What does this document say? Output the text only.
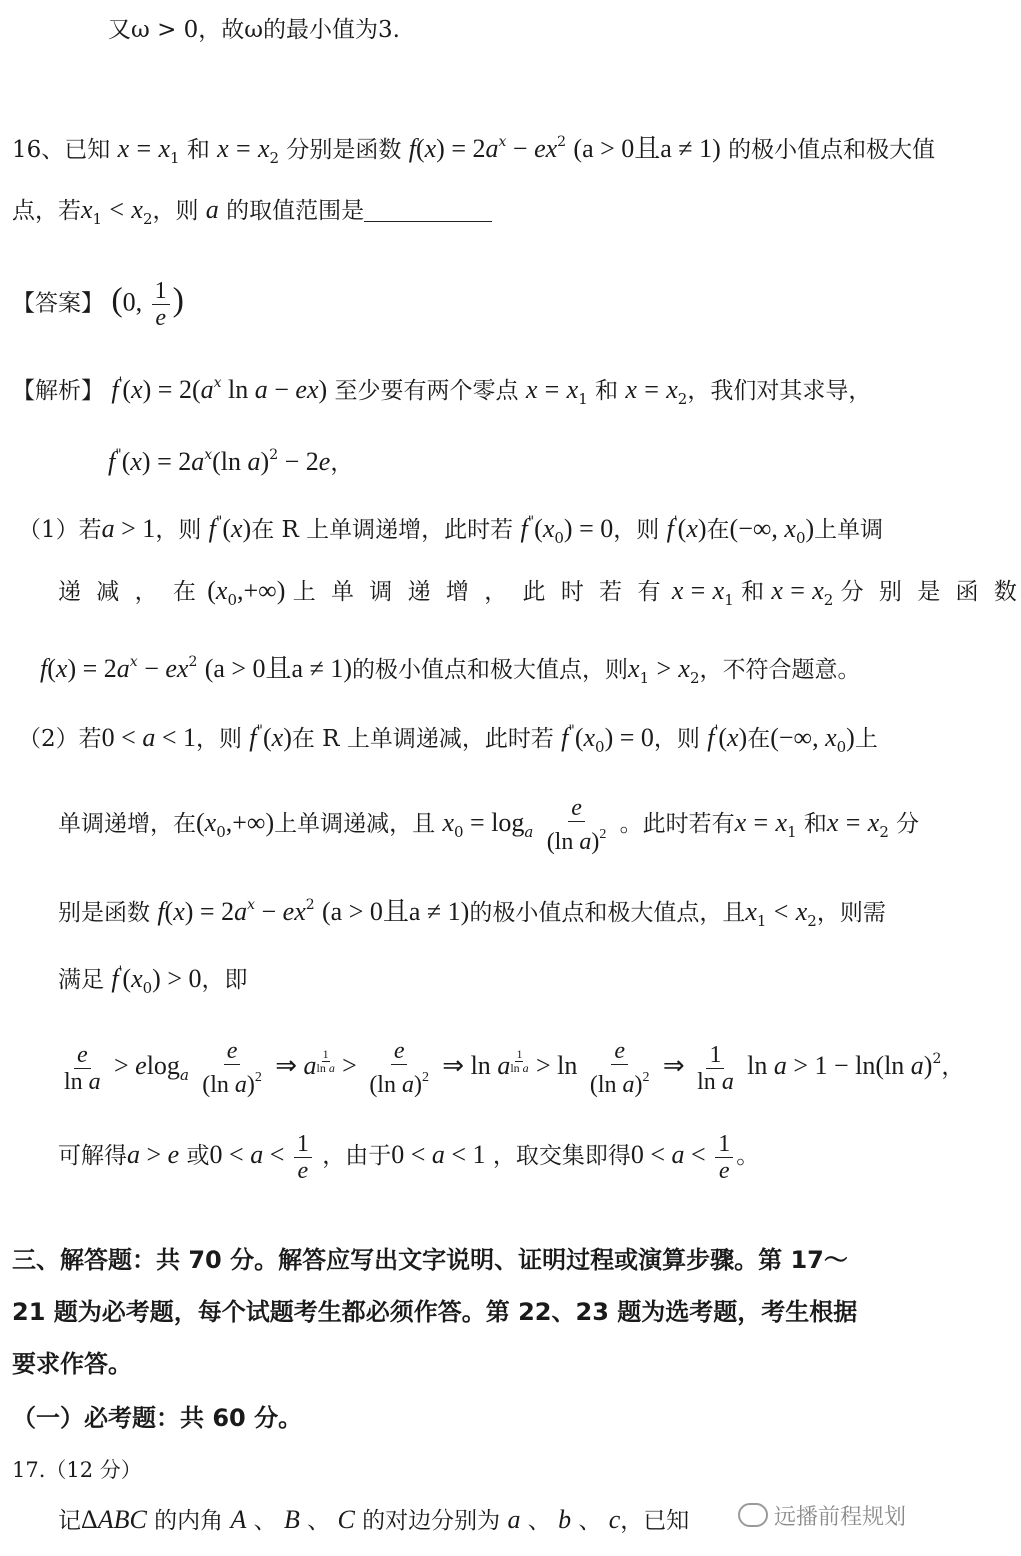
又ω > 0，故ω的最小值为3.
16、已知 $x = x_1$ 和 $x = x_2$ 分别是函数 $f(x) = 2a^x - ex^2$ (a > 0且a ≠ 1) 的极小值点和极大值
点，若$x_1 < x_2$，则 a 的取值范围是
【答案】 (0, $\frac{1}{e}$ )
【解析】 $f'(x) = 2(a^x$ ln a − ex) 至少要有两个零点 $x = x_1$ 和 $x = x_2$，我们对其求导，
$f^"(x) = 2a^x(\ln$ a)$^2$ − 2e，
（1）若a > 1，则 f"(x)在 R 上单调递增，此时若 $f^"(x_0) = 0$，则 f'(x)在(−∞, $x_0$)上单调
递 减 ， 在 $(x_0,+\infty)$ 上 单 调 递 增 ， 此 时 若 有 $x = x_1$ 和 $x = x_2$ 分 别 是 函 数
$f(x) = 2a^x - ex^2$ (a > 0且a ≠ 1)的极小值点和极大值点，则$x_1 > x_2$，不符合题意。
（2）若0 < a < 1，则 f"(x)在 R 上单调递减，此时若 $f^"(x_0) = 0$，则 f'(x)在(−∞, $x_0$)上
单调递增，在$(x_0,+\infty)$上单调递减，且 $x_0 = \log_a \frac{e}{(\ln a)^2}$ 。此时若有$x = x_1$ 和$x = x_2$ 分
别是函数 $f(x) = 2a^x - ex^2$ (a > 0且a ≠ 1)的极小值点和极大值点，且$x_1 < x_2$，则需
满足 $f'(x_0) > 0$，即
$\frac{e}{\text{ln a}} > elog_a \frac{e}{(\ln a)^2}$ ⇒ a $\frac{1}{\text{ln a}} > \frac{e}{(\ln a)^2}$ ⇒ ln a $\frac{1}{\text{ln a}} > \ln \frac{e}{(\ln a)^2}$ ⇒ $\frac{1}{\text{ln a}}$ ln a > 1 − ln(ln a)$^2$，
可解得a > e 或$0 < a < \frac{1}{e}$ ，由于0 < a < 1 ，取交集即得$0 < a < \frac{1}{e}$ 。
三、解答题：共 70 分。解答应写出文字说明、证明过程或演算步骤。第 17～
21 题为必考题，每个试题考生都必须作答。第 22、23 题为选考题，考生根据
要求作答。
（一）必考题：共 60 分。
17.（12 分）
记ΔABC 的内角 A 、 B 、 C 的对边分别为 a 、 b 、 c，已知	远播前程规划
